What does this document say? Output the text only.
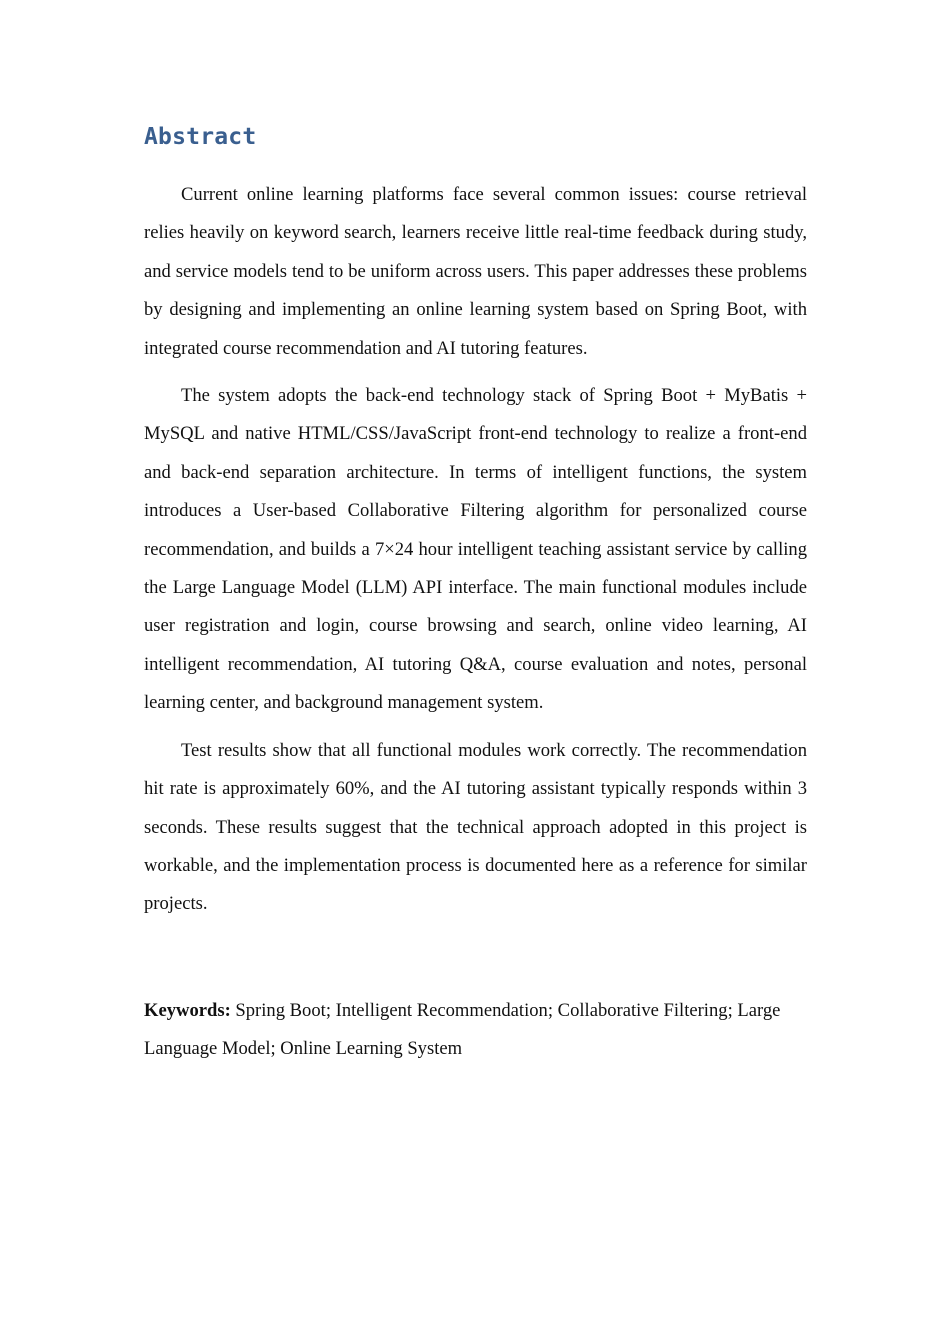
Abstract

Current online learning platforms face several common issues: course retrieval relies heavily on keyword search, learners receive little real-time feedback during study, and service models tend to be uniform across users. This paper addresses these problems by designing and implementing an online learning system based on Spring Boot, with integrated course recommendation and AI tutoring features.

The system adopts the back-end technology stack of Spring Boot + MyBatis + MySQL and native HTML/CSS/JavaScript front-end technology to realize a front-end and back-end separation architecture. In terms of intelligent functions, the system introduces a User-based Collaborative Filtering algorithm for personalized course recommendation, and builds a 7×24 hour intelligent teaching assistant service by calling the Large Language Model (LLM) API interface. The main functional modules include user registration and login, course browsing and search, online video learning, AI intelligent recommendation, AI tutoring Q&A, course evaluation and notes, personal learning center, and background management system.

Test results show that all functional modules work correctly. The recommendation hit rate is approximately 60%, and the AI tutoring assistant typically responds within 3 seconds. These results suggest that the technical approach adopted in this project is workable, and the implementation process is documented here as a reference for similar projects.

Keywords: Spring Boot; Intelligent Recommendation; Collaborative Filtering; Large Language Model; Online Learning System
